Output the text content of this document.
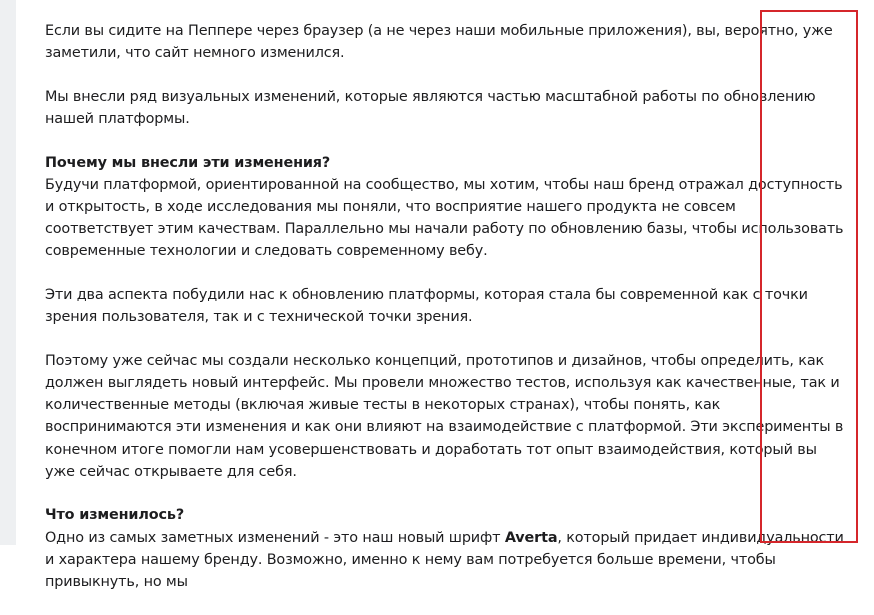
Если вы сидите на Пеппере через браузер (а не через наши мобильные приложения), вы, вероятно, уже заметили, что сайт немного изменился.

Мы внесли ряд визуальных изменений, которые являются частью масштабной работы по обновлению нашей платформы.

Почему мы внесли эти изменения?
Будучи платформой, ориентированной на сообщество, мы хотим, чтобы наш бренд отражал доступность и открытость, в ходе исследования мы поняли, что восприятие нашего продукта не совсем соответствует этим качествам. Параллельно мы начали работу по обновлению базы, чтобы использовать современные технологии и следовать современному вебу.

Эти два аспекта побудили нас к обновлению платформы, которая стала бы современной как с точки зрения пользователя, так и с технической точки зрения.

Поэтому уже сейчас мы создали несколько концепций, прототипов и дизайнов, чтобы определить, как должен выглядеть новый интерфейс. Мы провели множество тестов, используя как качественные, так и количественные методы (включая живые тесты в некоторых странах), чтобы понять, как воспринимаются эти изменения и как они влияют на взаимодействие с платформой. Эти эксперименты в конечном итоге помогли нам усовершенствовать и доработать тот опыт взаимодействия, который вы уже сейчас открываете для себя.

Что изменилось?
Одно из самых заметных изменений - это наш новый шрифт Averta, который придает индивидуальности и характера нашему бренду. Возможно, именно к нему вам потребуется больше времени, чтобы привыкнуть, но мы
